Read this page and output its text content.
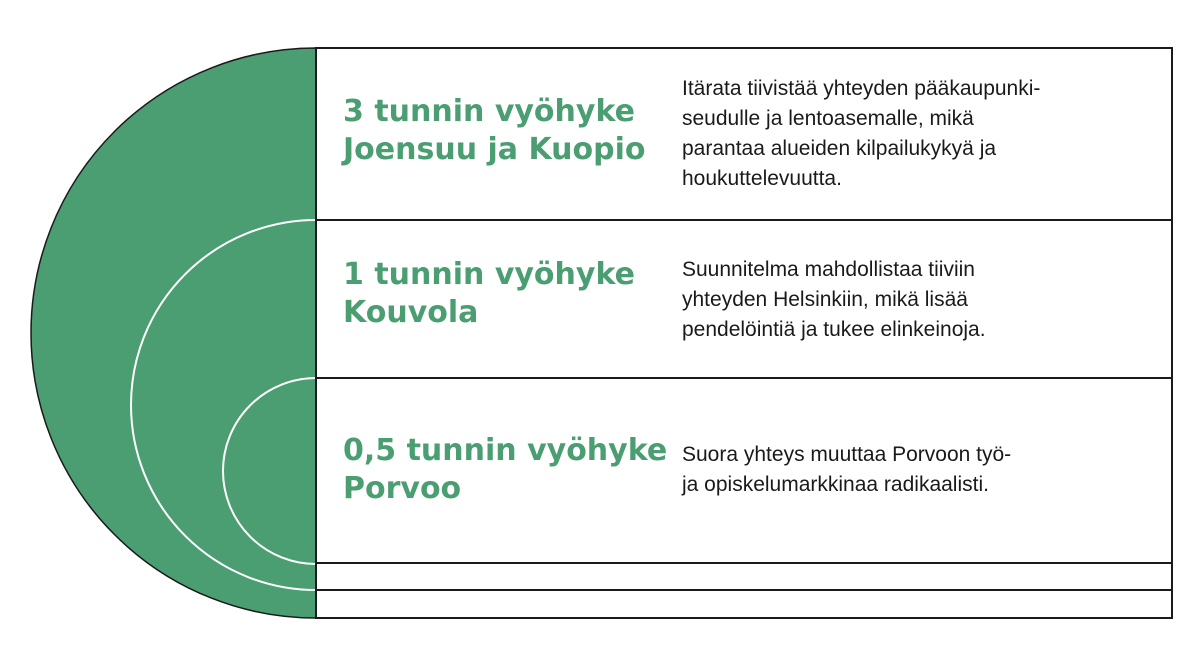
3 tunnin vyöhyke
Joensuu ja Kuopio
Itärata tiivistää yhteyden pääkaupunki-
seudulle ja lentoasemalle, mikä
parantaa alueiden kilpailukykyä ja
houkuttelevuutta.
1 tunnin vyöhyke
Kouvola
Suunnitelma mahdollistaa tiiviin
yhteyden Helsinkiin, mikä lisää
pendelöintiä ja tukee elinkeinoja.
0,5 tunnin vyöhyke
Porvoo
Suora yhteys muuttaa Porvoon työ-
ja opiskelumarkkinaa radikaalisti.
